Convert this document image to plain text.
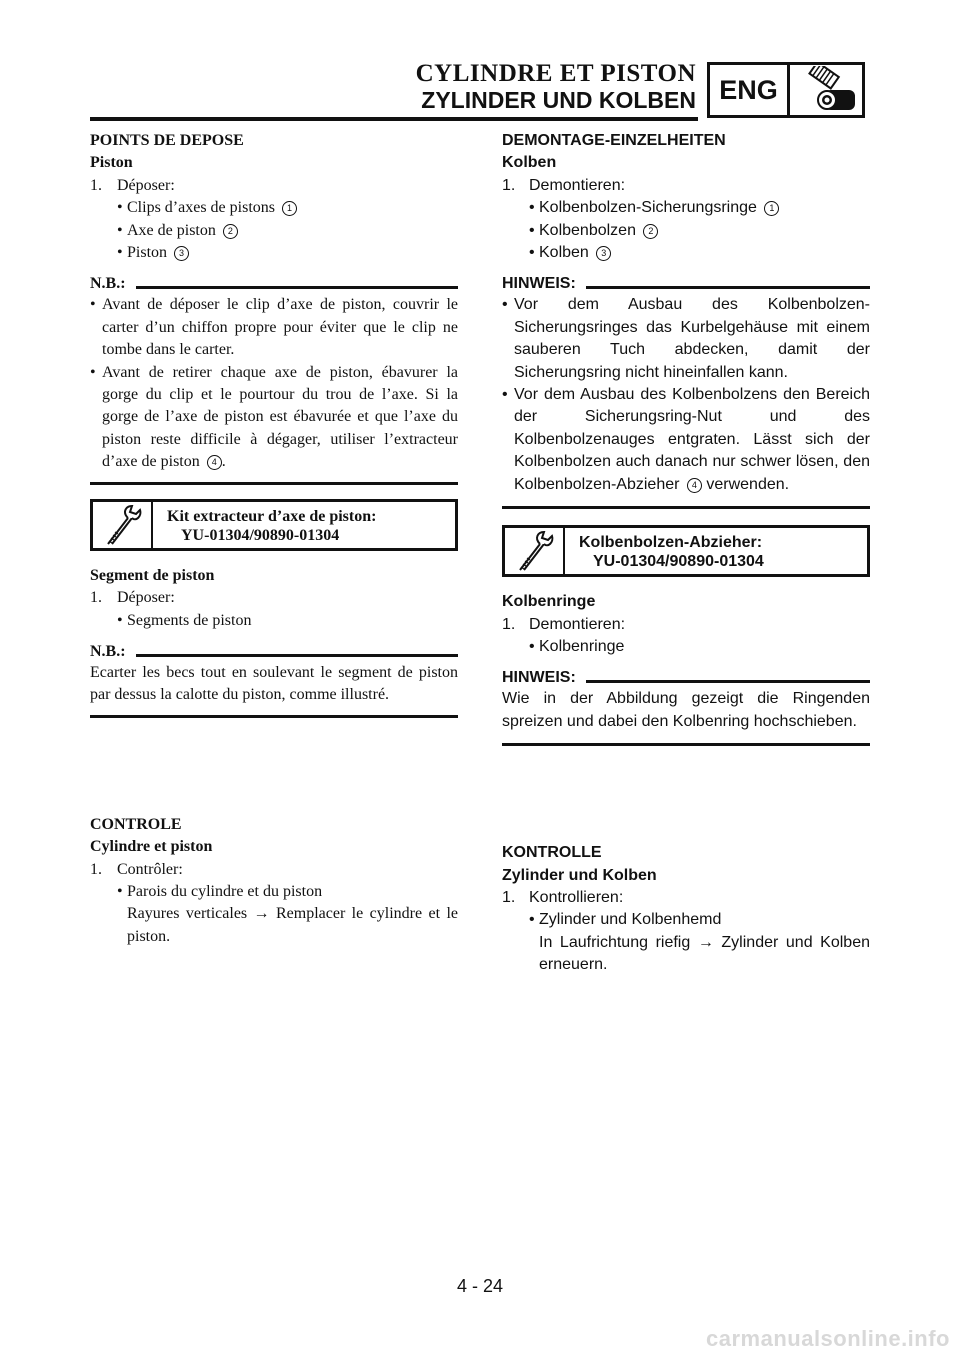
CYLINDRE ET PISTON
ZYLINDER UND KOLBEN ENG

POINTS DE DEPOSE

Piston

1. Déposer:

• Clips d’axes de pistons 1

• Axe de piston 2

• Piston 3

N.B.:

• Avant de déposer le clip d’axe de piston, couvrir le carter d’un chiffon propre pour éviter que le clip ne tombe dans le carter.

• Avant de retirer chaque axe de piston, ébavurer la gorge du clip et le pourtour du trou de l’axe. Si la gorge de l’axe de piston est ébavurée et que l’axe du piston reste difficile à dégager, utiliser l’extracteur d’axe de piston 4 .

Kit extracteur d’axe de piston:
YU-01304/90890-01304

Segment de piston

1. Déposer:

• Segments de piston

N.B.:

Ecarter les becs tout en soulevant le segment de piston par dessus la calotte du piston, comme illustré.

CONTROLE

Cylindre et piston

1. Contrôler:

• Parois du cylindre et du piston

Rayures verticales → Remplacer le cylindre et le piston.

DEMONTAGE-EINZELHEITEN

Kolben

1. Demontieren:

• Kolbenbolzen-Sicherungsringe 1

• Kolbenbolzen 2

• Kolben 3

HINWEIS:

• Vor dem Ausbau des Kolbenbolzen-Sicherungsringes das Kurbelgehäuse mit einem sauberen Tuch abdecken, damit der Sicherungsring nicht hineinfallen kann.

• Vor dem Ausbau des Kolbenbolzens den Bereich der Sicherungsring-Nut und des Kolbenbolzenauges entgraten. Lässt sich der Kolbenbolzen auch danach nur schwer lösen, den Kolbenbolzen-Abzieher 4 verwenden.

Kolbenbolzen-Abzieher:
YU-01304/90890-01304

Kolbenringe

1. Demontieren:

• Kolbenringe

HINWEIS:

Wie in der Abbildung gezeigt die Ringenden spreizen und dabei den Kolbenring hochschieben.

KONTROLLE

Zylinder und Kolben

1. Kontrollieren:

• Zylinder und Kolbenhemd

In Laufrichtung riefig → Zylinder und Kolben erneuern.

4 - 24
carmanualsonline.info
